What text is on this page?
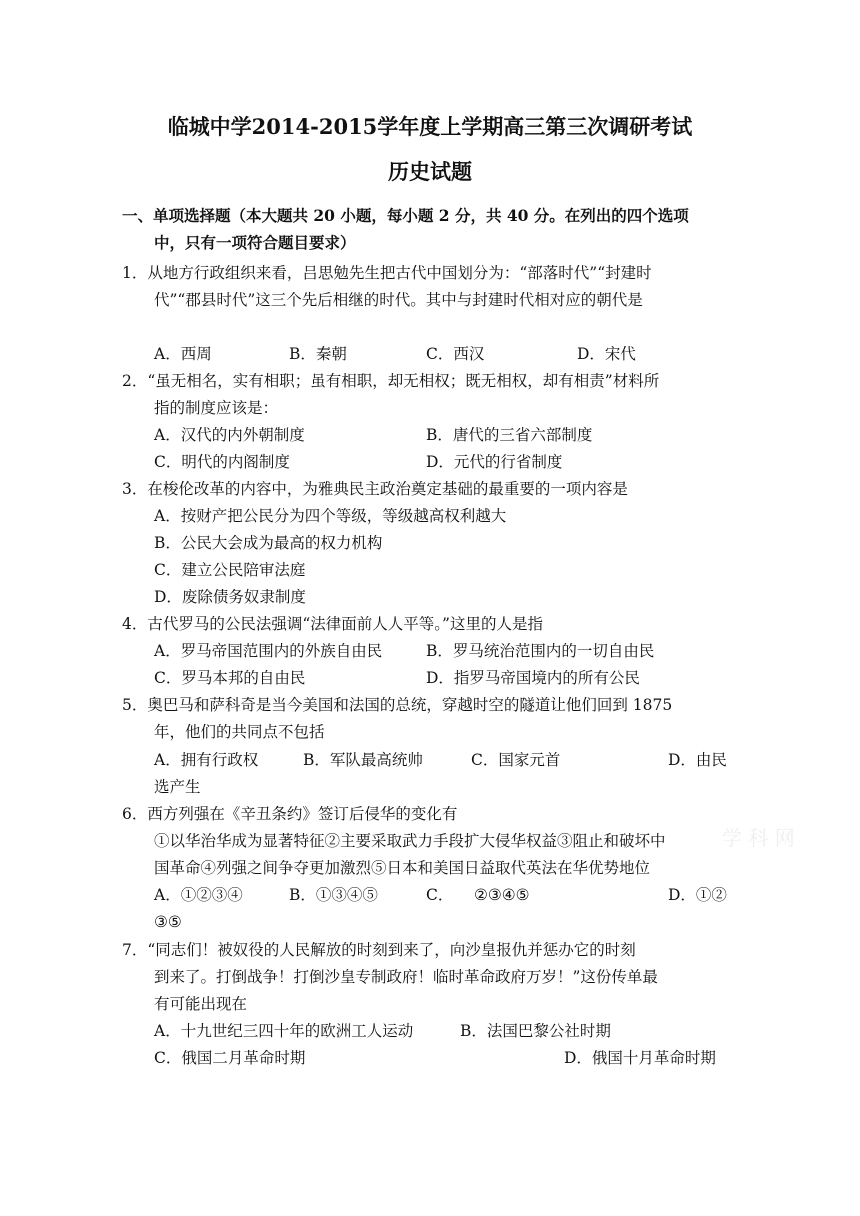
临城中学2014-2015学年度上学期高三第三次调研考试
历史试题
一、单项选择题（本大题共 20 小题，每小题 2 分，共 40 分。在列出的四个选项
中，只有一项符合题目要求）
1．从地方行政组织来看，吕思勉先生把古代中国划分为：“部落时代”“封建时
代”“郡县时代”这三个先后相继的时代。其中与封建时代相对应的朝代是
A．西周	B．秦朝	C．西汉	D．宋代
2．“虽无相名，实有相职；虽有相职，却无相权；既无相权，却有相责”材料所
指的制度应该是：
A．汉代的内外朝制度	B．唐代的三省六部制度
C．明代的内阁制度	D．元代的行省制度
3．在梭伦改革的内容中，为雅典民主政治奠定基础的最重要的一项内容是
A．按财产把公民分为四个等级，等级越高权利越大
B．公民大会成为最高的权力机构
C．建立公民陪审法庭
D．废除债务奴隶制度
4．古代罗马的公民法强调“法律面前人人平等。”这里的人是指
A．罗马帝国范围内的外族自由民	B．罗马统治范围内的一切自由民
C．罗马本邦的自由民	D．指罗马帝国境内的所有公民
5．奥巴马和萨科奇是当今美国和法国的总统，穿越时空的隧道让他们回到 1875
年，他们的共同点不包括
A．拥有行政权	B．军队最高统帅	C．国家元首	D．由民
选产生
6．西方列强在《辛丑条约》签订后侵华的变化有
①以华治华成为显著特征②主要采取武力手段扩大侵华权益③阻止和破坏中
国革命④列强之间争夺更加激烈⑤日本和美国日益取代英法在华优势地位
A．①②③④	B．①③④⑤	C． ②③④⑤	D．①②
③⑤
7．“同志们！被奴役的人民解放的时刻到来了，向沙皇报仇并惩办它的时刻
到来了。打倒战争！打倒沙皇专制政府！临时革命政府万岁！”这份传单最
有可能出现在
A．十九世纪三四十年的欧洲工人运动	B．法国巴黎公社时期
C．俄国二月革命时期	D．俄国十月革命时期
学 科 网
